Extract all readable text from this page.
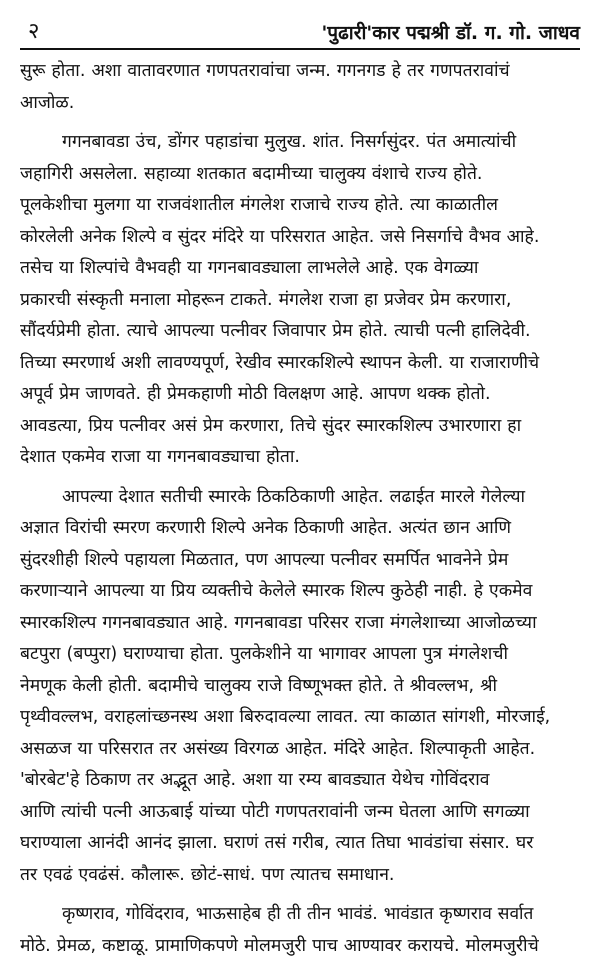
२	'पुढारी'कार पद्मश्री डॉ. ग. गो. जाधव
सुरू होता. अशा वातावरणात गणपतरावांचा जन्म. गगनगड हे तर गणपतरावांचं
आजोळ.
गगनबावडा उंच, डोंगर पहाडांचा मुलुख. शांत. निसर्गसुंदर. पंत अमात्यांची
जहागिरी असलेला. सहाव्या शतकात बदामीच्या चालुक्य वंशाचे राज्य होते.
पूलकेशीचा मुलगा या राजवंशातील मंगलेश राजाचे राज्य होते. त्या काळातील
कोरलेली अनेक शिल्पे व सुंदर मंदिरे या परिसरात आहेत. जसे निसर्गाचे वैभव आहे.
तसेच या शिल्पांचे वैभवही या गगनबावड्याला लाभलेले आहे. एक वेगळ्या
प्रकारची संस्कृती मनाला मोहरून टाकते. मंगलेश राजा हा प्रजेवर प्रेम करणारा,
सौंदर्यप्रेमी होता. त्याचे आपल्या पत्नीवर जिवापार प्रेम होते. त्याची पत्नी हालिदेवी.
तिच्या स्मरणार्थ अशी लावण्यपूर्ण, रेखीव स्मारकशिल्पे स्थापन केली. या राजाराणीचे
अपूर्व प्रेम जाणवते. ही प्रेमकहाणी मोठी विलक्षण आहे. आपण थक्क होतो.
आवडत्या, प्रिय पत्नीवर असं प्रेम करणारा, तिचे सुंदर स्मारकशिल्प उभारणारा हा
देशात एकमेव राजा या गगनबावड्याचा होता.
आपल्या देशात सतीची स्मारके ठिकठिकाणी आहेत. लढाईत मारले गेलेल्या
अज्ञात विरांची स्मरण करणारी शिल्पे अनेक ठिकाणी आहेत. अत्यंत छान आणि
सुंदरशीही शिल्पे पहायला मिळतात, पण आपल्या पत्नीवर समर्पित भावनेने प्रेम
करणाऱ्याने आपल्या या प्रिय व्यक्तीचे केलेले स्मारक शिल्प कुठेही नाही. हे एकमेव
स्मारकशिल्प गगनबावड्यात आहे. गगनबावडा परिसर राजा मंगलेशाच्या आजोळच्या
बटपुरा (बप्पुरा) घराण्याचा होता. पुलकेशीने या भागावर आपला पुत्र मंगलेशची
नेमणूक केली होती. बदामीचे चालुक्य राजे विष्णूभक्त होते. ते श्रीवल्लभ, श्री
पृथ्वीवल्लभ, वराहलांच्छनस्थ अशा बिरुदावल्या लावत. त्या काळात सांगशी, मोरजाई,
असळज या परिसरात तर असंख्य विरगळ आहेत. मंदिरे आहेत. शिल्पाकृती आहेत.
'बोरबेट'हे ठिकाण तर अद्भूत आहे. अशा या रम्य बावड्यात येथेच गोविंदराव
आणि त्यांची पत्नी आऊबाई यांच्या पोटी गणपतरावांनी जन्म घेतला आणि सगळ्या
घराण्याला आनंदी आनंद झाला. घराणं तसं गरीब, त्यात तिघा भावंडांचा संसार. घर
तर एवढं एवढंसं. कौलारू. छोटं-साधं. पण त्यातच समाधान.
कृष्णराव, गोविंदराव, भाऊसाहेब ही ती तीन भावंडं. भावंडात कृष्णराव सर्वात
मोठे. प्रेमळ, कष्टाळू. प्रामाणिकपणे मोलमजुरी पाच आण्यावर करायचे. मोलमजुरीचे
